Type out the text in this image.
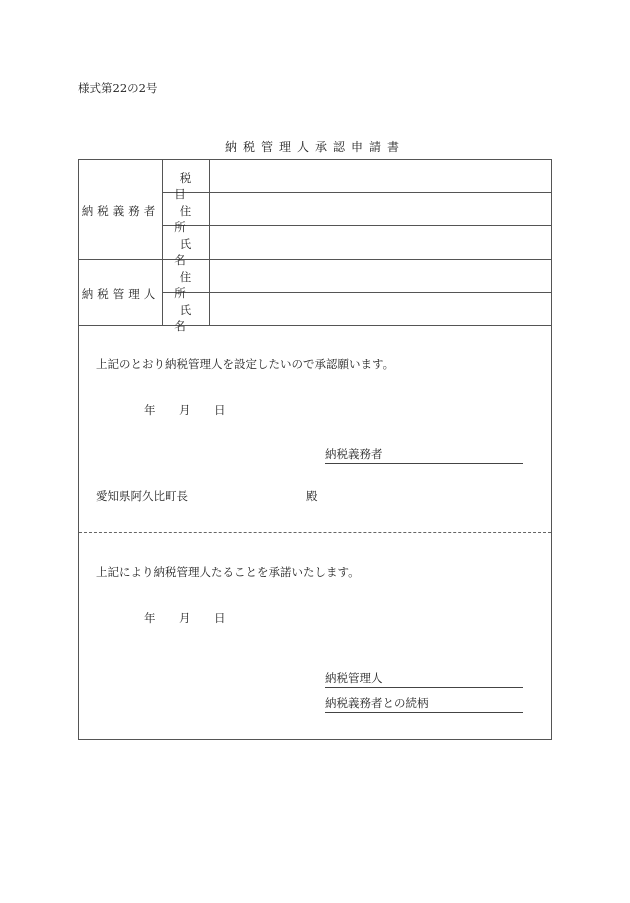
様式第22の2号
納税管理人承認申請書
納税義務者
税目
住所
氏名
納税管理人
住所
氏名
上記のとおり納税管理人を設定したいので承認願います。
年 月 日
納税義務者
愛知県阿久比町長	殿
上記により納税管理人たることを承諾いたします。
年 月 日
納税管理人
納税義務者との続柄
